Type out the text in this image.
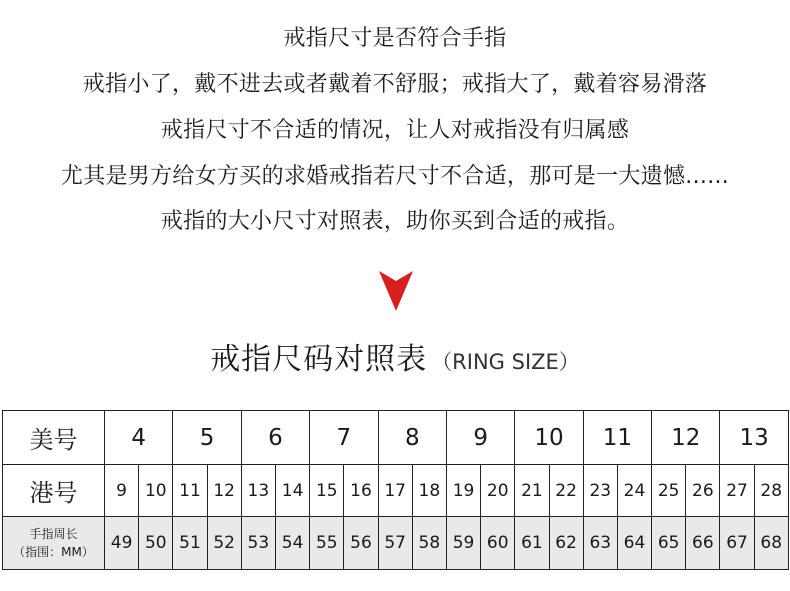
戒指尺寸是否符合手指
戒指小了，戴不进去或者戴着不舒服；戒指大了，戴着容易滑落
戒指尺寸不合适的情况，让人对戒指没有归属感
尤其是男方给女方买的求婚戒指若尺寸不合适，那可是一大遗憾......
戒指的大小尺寸对照表，助你买到合适的戒指。
戒指尺码对照表 （RING SIZE）
美号	4		5		6		7		8		9		10		11		12		13	
港号	9	10	11	12	13	14	15	16	17	18	19	20	21	22	23	24	25	26	27	28

手指周长
（指围：MM）	49	50	51	52	53	54	55	56	57	58	59	60	61	62	63	64	65	66	67	68
